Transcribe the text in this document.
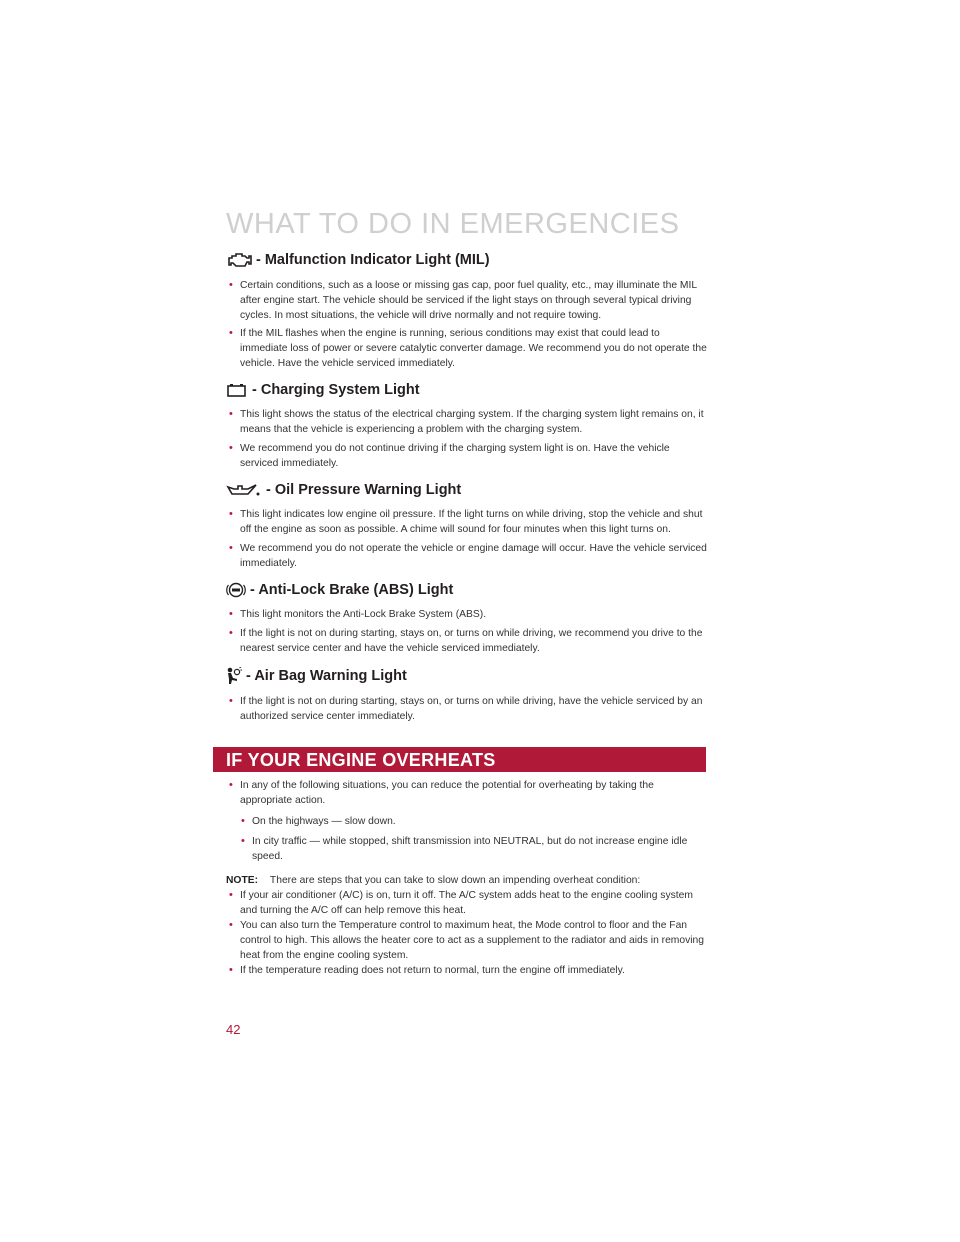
WHAT TO DO IN EMERGENCIES
- Malfunction Indicator Light (MIL)
• Certain conditions, such as a loose or missing gas cap, poor fuel quality, etc., may illuminate the MIL after engine start. The vehicle should be serviced if the light stays on through several typical driving cycles. In most situations, the vehicle will drive normally and not require towing.
• If the MIL flashes when the engine is running, serious conditions may exist that could lead to immediate loss of power or severe catalytic converter damage. We recommend you do not operate the vehicle. Have the vehicle serviced immediately.
- Charging System Light
• This light shows the status of the electrical charging system. If the charging system light remains on, it means that the vehicle is experiencing a problem with the charging system.
• We recommend you do not continue driving if the charging system light is on. Have the vehicle serviced immediately.
- Oil Pressure Warning Light
• This light indicates low engine oil pressure. If the light turns on while driving, stop the vehicle and shut off the engine as soon as possible. A chime will sound for four minutes when this light turns on.
• We recommend you do not operate the vehicle or engine damage will occur. Have the vehicle serviced immediately.
- Anti-Lock Brake (ABS) Light
• This light monitors the Anti-Lock Brake System (ABS).
• If the light is not on during starting, stays on, or turns on while driving, we recommend you drive to the nearest service center and have the vehicle serviced immediately.
- Air Bag Warning Light
• If the light is not on during starting, stays on, or turns on while driving, have the vehicle serviced by an authorized service center immediately.
IF YOUR ENGINE OVERHEATS
• In any of the following situations, you can reduce the potential for overheating by taking the appropriate action.
• On the highways — slow down.
• In city traffic — while stopped, shift transmission into NEUTRAL, but do not increase engine idle speed.
NOTE: There are steps that you can take to slow down an impending overheat condition:
• If your air conditioner (A/C) is on, turn it off. The A/C system adds heat to the engine cooling system and turning the A/C off can help remove this heat.
• You can also turn the Temperature control to maximum heat, the Mode control to floor and the Fan control to high. This allows the heater core to act as a supplement to the radiator and aids in removing heat from the engine cooling system.
• If the temperature reading does not return to normal, turn the engine off immediately.
42
